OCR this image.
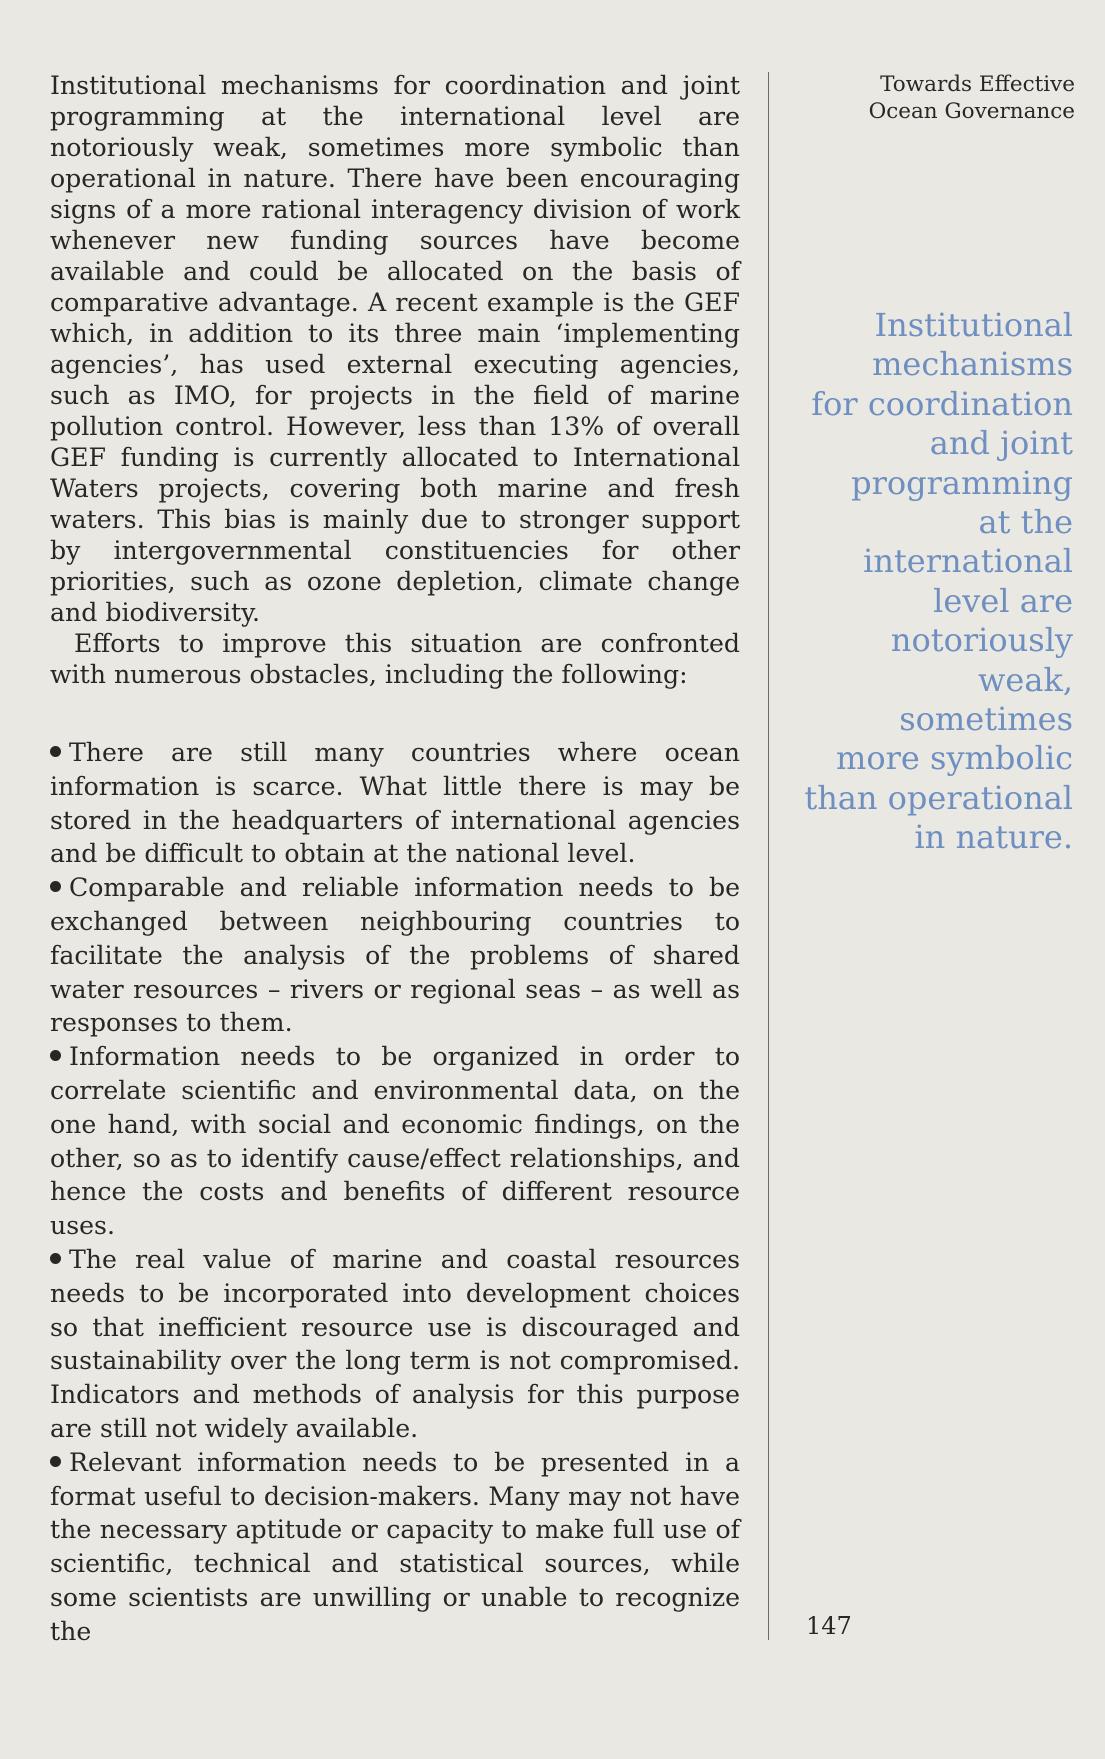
Institutional mechanisms for coordination and joint programming at the international level are notoriously weak, sometimes more symbolic than operational in nature. There have been encouraging signs of a more rational interagency division of work whenever new funding sources have become available and could be allocated on the basis of comparative advantage. A recent example is the GEF which, in addition to its three main ‘implementing agencies’, has used external executing agencies, such as IMO, for projects in the field of marine pollution control. However, less than 13% of overall GEF funding is currently allocated to International Waters projects, covering both marine and fresh waters. This bias is mainly due to stronger support by intergovernmental constituencies for other priorities, such as ozone depletion, climate change and biodiversity.

Efforts to improve this situation are confronted with numerous obstacles, including the following:

There are still many countries where ocean information is scarce. What little there is may be stored in the headquarters of international agencies and be difficult to obtain at the national level.

Comparable and reliable information needs to be exchanged between neighbouring countries to facilitate the analysis of the problems of shared water resources – rivers or regional seas – as well as responses to them.

Information needs to be organized in order to correlate scientific and environmental data, on the one hand, with social and economic findings, on the other, so as to identify cause/effect relationships, and hence the costs and benefits of different resource uses.

The real value of marine and coastal resources needs to be incorporated into development choices so that inefficient resource use is discouraged and sustainability over the long term is not compromised. Indicators and methods of analysis for this purpose are still not widely available.

Relevant information needs to be presented in a format useful to decision-makers. Many may not have the necessary aptitude or capacity to make full use of scientific, technical and statistical sources, while some scientists are unwilling or unable to recognize the

Towards Effective
Ocean Governance
Institutional
mechanisms
for coordination
and joint
programming
at the
international
level are
notoriously
weak,
sometimes
more symbolic
than operational
in nature.
147
